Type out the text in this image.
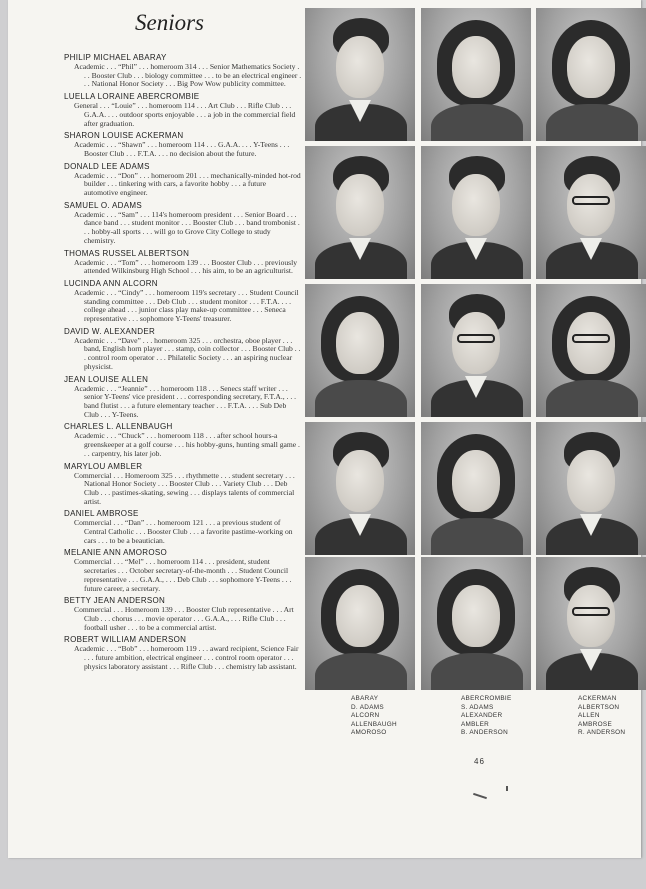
Seniors
PHILIP MICHAEL ABARAY
Academic . . . “Phil” . . . homeroom 314 . . . Senior Mathematics Society . . . Booster Club . . . biology committee . . . to be an electrical engineer . . . National Honor Society . . . Big Pow Wow publicity committee.
LUELLA LORAINE ABERCROMBIE
General . . . “Louie” . . . homeroom 114 . . . Art Club . . . Rifle Club . . . G.A.A. . . . outdoor sports enjoyable . . . a job in the commercial field after graduation.
SHARON LOUISE ACKERMAN
Academic . . . “Shawn” . . . homeroom 114 . . . G.A.A. . . . Y-Teens . . . Booster Club . . . F.T.A. . . . no decision about the future.
DONALD LEE ADAMS
Academic . . . “Don” . . . homeroom 201 . . . mechanically-minded hot-rod builder . . . tinkering with cars, a favorite hobby . . . a future automotive engineer.
SAMUEL O. ADAMS
Academic . . . “Sam” . . . 114's homeroom president . . . Senior Board . . . dance band . . . student monitor . . . Booster Club . . . band trombonist . . . hobby-all sports . . . will go to Grove City College to study chemistry.
THOMAS RUSSEL ALBERTSON
Academic . . . “Tom” . . . homeroom 139 . . . Booster Club . . . previously attended Wilkinsburg High School . . . his aim, to be an agriculturist.
LUCINDA ANN ALCORN
Academic . . . “Cindy” . . . homeroom 119's secretary . . . Student Council standing committee . . . Deb Club . . . student monitor . . . F.T.A. . . . college ahead . . . junior class play make-up committee . . . Seneca representative . . . sophomore Y-Teens' treasurer.
DAVID W. ALEXANDER
Academic . . . “Dave” . . . homeroom 325 . . . orchestra, oboe player . . . band, English horn player . . . stamp, coin collector . . . Booster Club . . . control room operator . . . Philatelic Society . . . an aspiring nuclear physicist.
JEAN LOUISE ALLEN
Academic . . . “Jeannie” . . . homeroom 118 . . . Senecs staff writer . . . senior Y-Teens' vice president . . . corresponding secretary, F.T.A., . . . band flutist . . . a future elementary teacher . . . F.T.A. . . . Sub Deb Club . . . Y-Teens.
CHARLES L. ALLENBAUGH
Academic . . . “Chuck” . . . homeroom 118 . . . after school hours-a greenskeeper at a golf course . . . his hobby-guns, hunting small game . . . carpentry, his later job.
MARYLOU AMBLER
Commercial . . . Homeroom 325 . . . rhythmette . . . student secretary . . . National Honor Society . . . Booster Club . . . Variety Club . . . Deb Club . . . pastimes-skating, sewing . . . displays talents of commercial artist.
DANIEL AMBROSE
Commercial . . . “Dan” . . . homeroom 121 . . . a previous student of Central Catholic . . . Booster Club . . . a favorite pastime-working on cars . . . to be a beautician.
MELANIE ANN AMOROSO
Commercial . . . “Mel” . . . homeroom 114 . . . president, student secretaries . . . October secretary-of-the-month . . . Student Council representative . . . G.A.A., . . . Deb Club . . . sophomore Y-Teens . . . future career, a secretary.
BETTY JEAN ANDERSON
Commercial . . . Homeroom 139 . . . Booster Club representative . . . Art Club . . . chorus . . . movie operator . . . G.A.A., . . . Rifle Club . . . football usher . . . to be a commercial artist.
ROBERT WILLIAM ANDERSON
Academic . . . “Bob” . . . homeroom 119 . . . award recipient, Science Fair . . . future ambition, electrical engineer . . . control room operator . . . physics laboratory assistant . . . Rifle Club . . . chemistry lab assistant.
ABARAY
D. ADAMS
ALCORN
ALLENBAUGH
AMOROSO
ABERCROMBIE
S. ADAMS
ALEXANDER
AMBLER
B. ANDERSON
ACKERMAN
ALBERTSON
ALLEN
AMBROSE
R. ANDERSON
46
